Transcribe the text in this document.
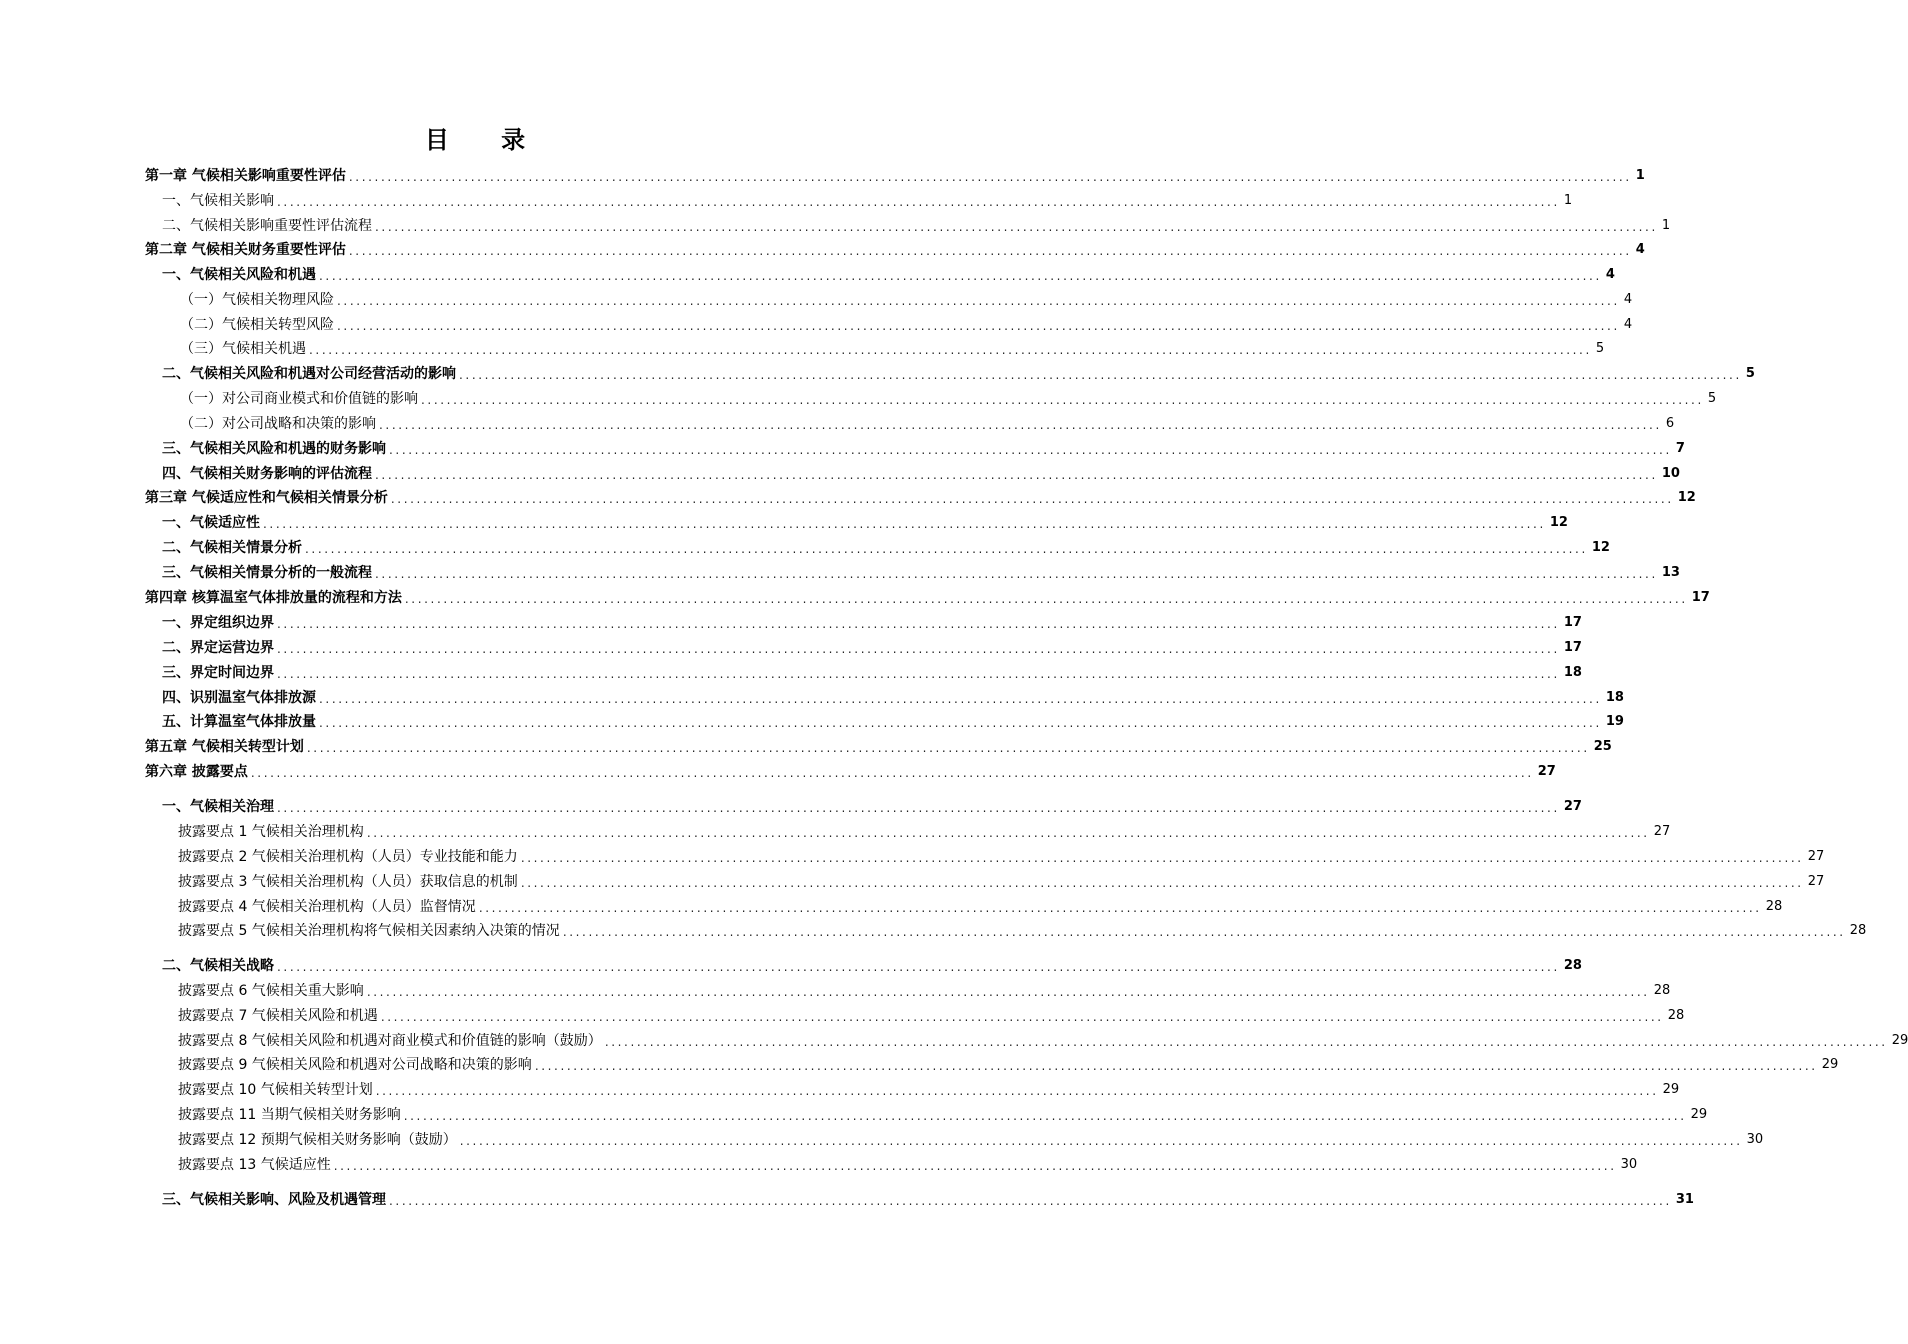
目 录
第一章 气候相关影响重要性评估 ........................................................................................................................................................................................................ 1
一、气候相关影响 ........................................................................................................................................................................................................ 1
二、气候相关影响重要性评估流程 ........................................................................................................................................................................................................ 1
第二章 气候相关财务重要性评估 ........................................................................................................................................................................................................ 4
一、气候相关风险和机遇 ........................................................................................................................................................................................................ 4
（一）气候相关物理风险 ........................................................................................................................................................................................................ 4
（二）气候相关转型风险 ........................................................................................................................................................................................................ 4
（三）气候相关机遇 ........................................................................................................................................................................................................ 5
二、气候相关风险和机遇对公司经营活动的影响 ........................................................................................................................................................................................................ 5
（一）对公司商业模式和价值链的影响 ........................................................................................................................................................................................................ 5
（二）对公司战略和决策的影响 ........................................................................................................................................................................................................ 6
三、气候相关风险和机遇的财务影响 ........................................................................................................................................................................................................ 7
四、气候相关财务影响的评估流程 ........................................................................................................................................................................................................ 10
第三章 气候适应性和气候相关情景分析 ........................................................................................................................................................................................................ 12
一、气候适应性 ........................................................................................................................................................................................................ 12
二、气候相关情景分析 ........................................................................................................................................................................................................ 12
三、气候相关情景分析的一般流程 ........................................................................................................................................................................................................ 13
第四章 核算温室气体排放量的流程和方法 ........................................................................................................................................................................................................ 17
一、界定组织边界 ........................................................................................................................................................................................................ 17
二、界定运营边界 ........................................................................................................................................................................................................ 17
三、界定时间边界 ........................................................................................................................................................................................................ 18
四、识别温室气体排放源 ........................................................................................................................................................................................................ 18
五、计算温室气体排放量 ........................................................................................................................................................................................................ 19
第五章 气候相关转型计划 ........................................................................................................................................................................................................ 25
第六章 披露要点 ........................................................................................................................................................................................................ 27
一、气候相关治理 ........................................................................................................................................................................................................ 27
披露要点 1 气候相关治理机构 ........................................................................................................................................................................................................ 27
披露要点 2 气候相关治理机构（人员）专业技能和能力 ........................................................................................................................................................................................................ 27
披露要点 3 气候相关治理机构（人员）获取信息的机制 ........................................................................................................................................................................................................ 27
披露要点 4 气候相关治理机构（人员）监督情况 ........................................................................................................................................................................................................ 28
披露要点 5 气候相关治理机构将气候相关因素纳入决策的情况 ........................................................................................................................................................................................................ 28
二、气候相关战略 ........................................................................................................................................................................................................ 28
披露要点 6 气候相关重大影响 ........................................................................................................................................................................................................ 28
披露要点 7 气候相关风险和机遇 ........................................................................................................................................................................................................ 28
披露要点 8 气候相关风险和机遇对商业模式和价值链的影响（鼓励） ........................................................................................................................................................................................................ 29
披露要点 9 气候相关风险和机遇对公司战略和决策的影响 ........................................................................................................................................................................................................ 29
披露要点 10 气候相关转型计划 ........................................................................................................................................................................................................ 29
披露要点 11 当期气候相关财务影响 ........................................................................................................................................................................................................ 29
披露要点 12 预期气候相关财务影响（鼓励） ........................................................................................................................................................................................................ 30
披露要点 13 气候适应性 ........................................................................................................................................................................................................ 30
三、气候相关影响、风险及机遇管理 ........................................................................................................................................................................................................ 31
